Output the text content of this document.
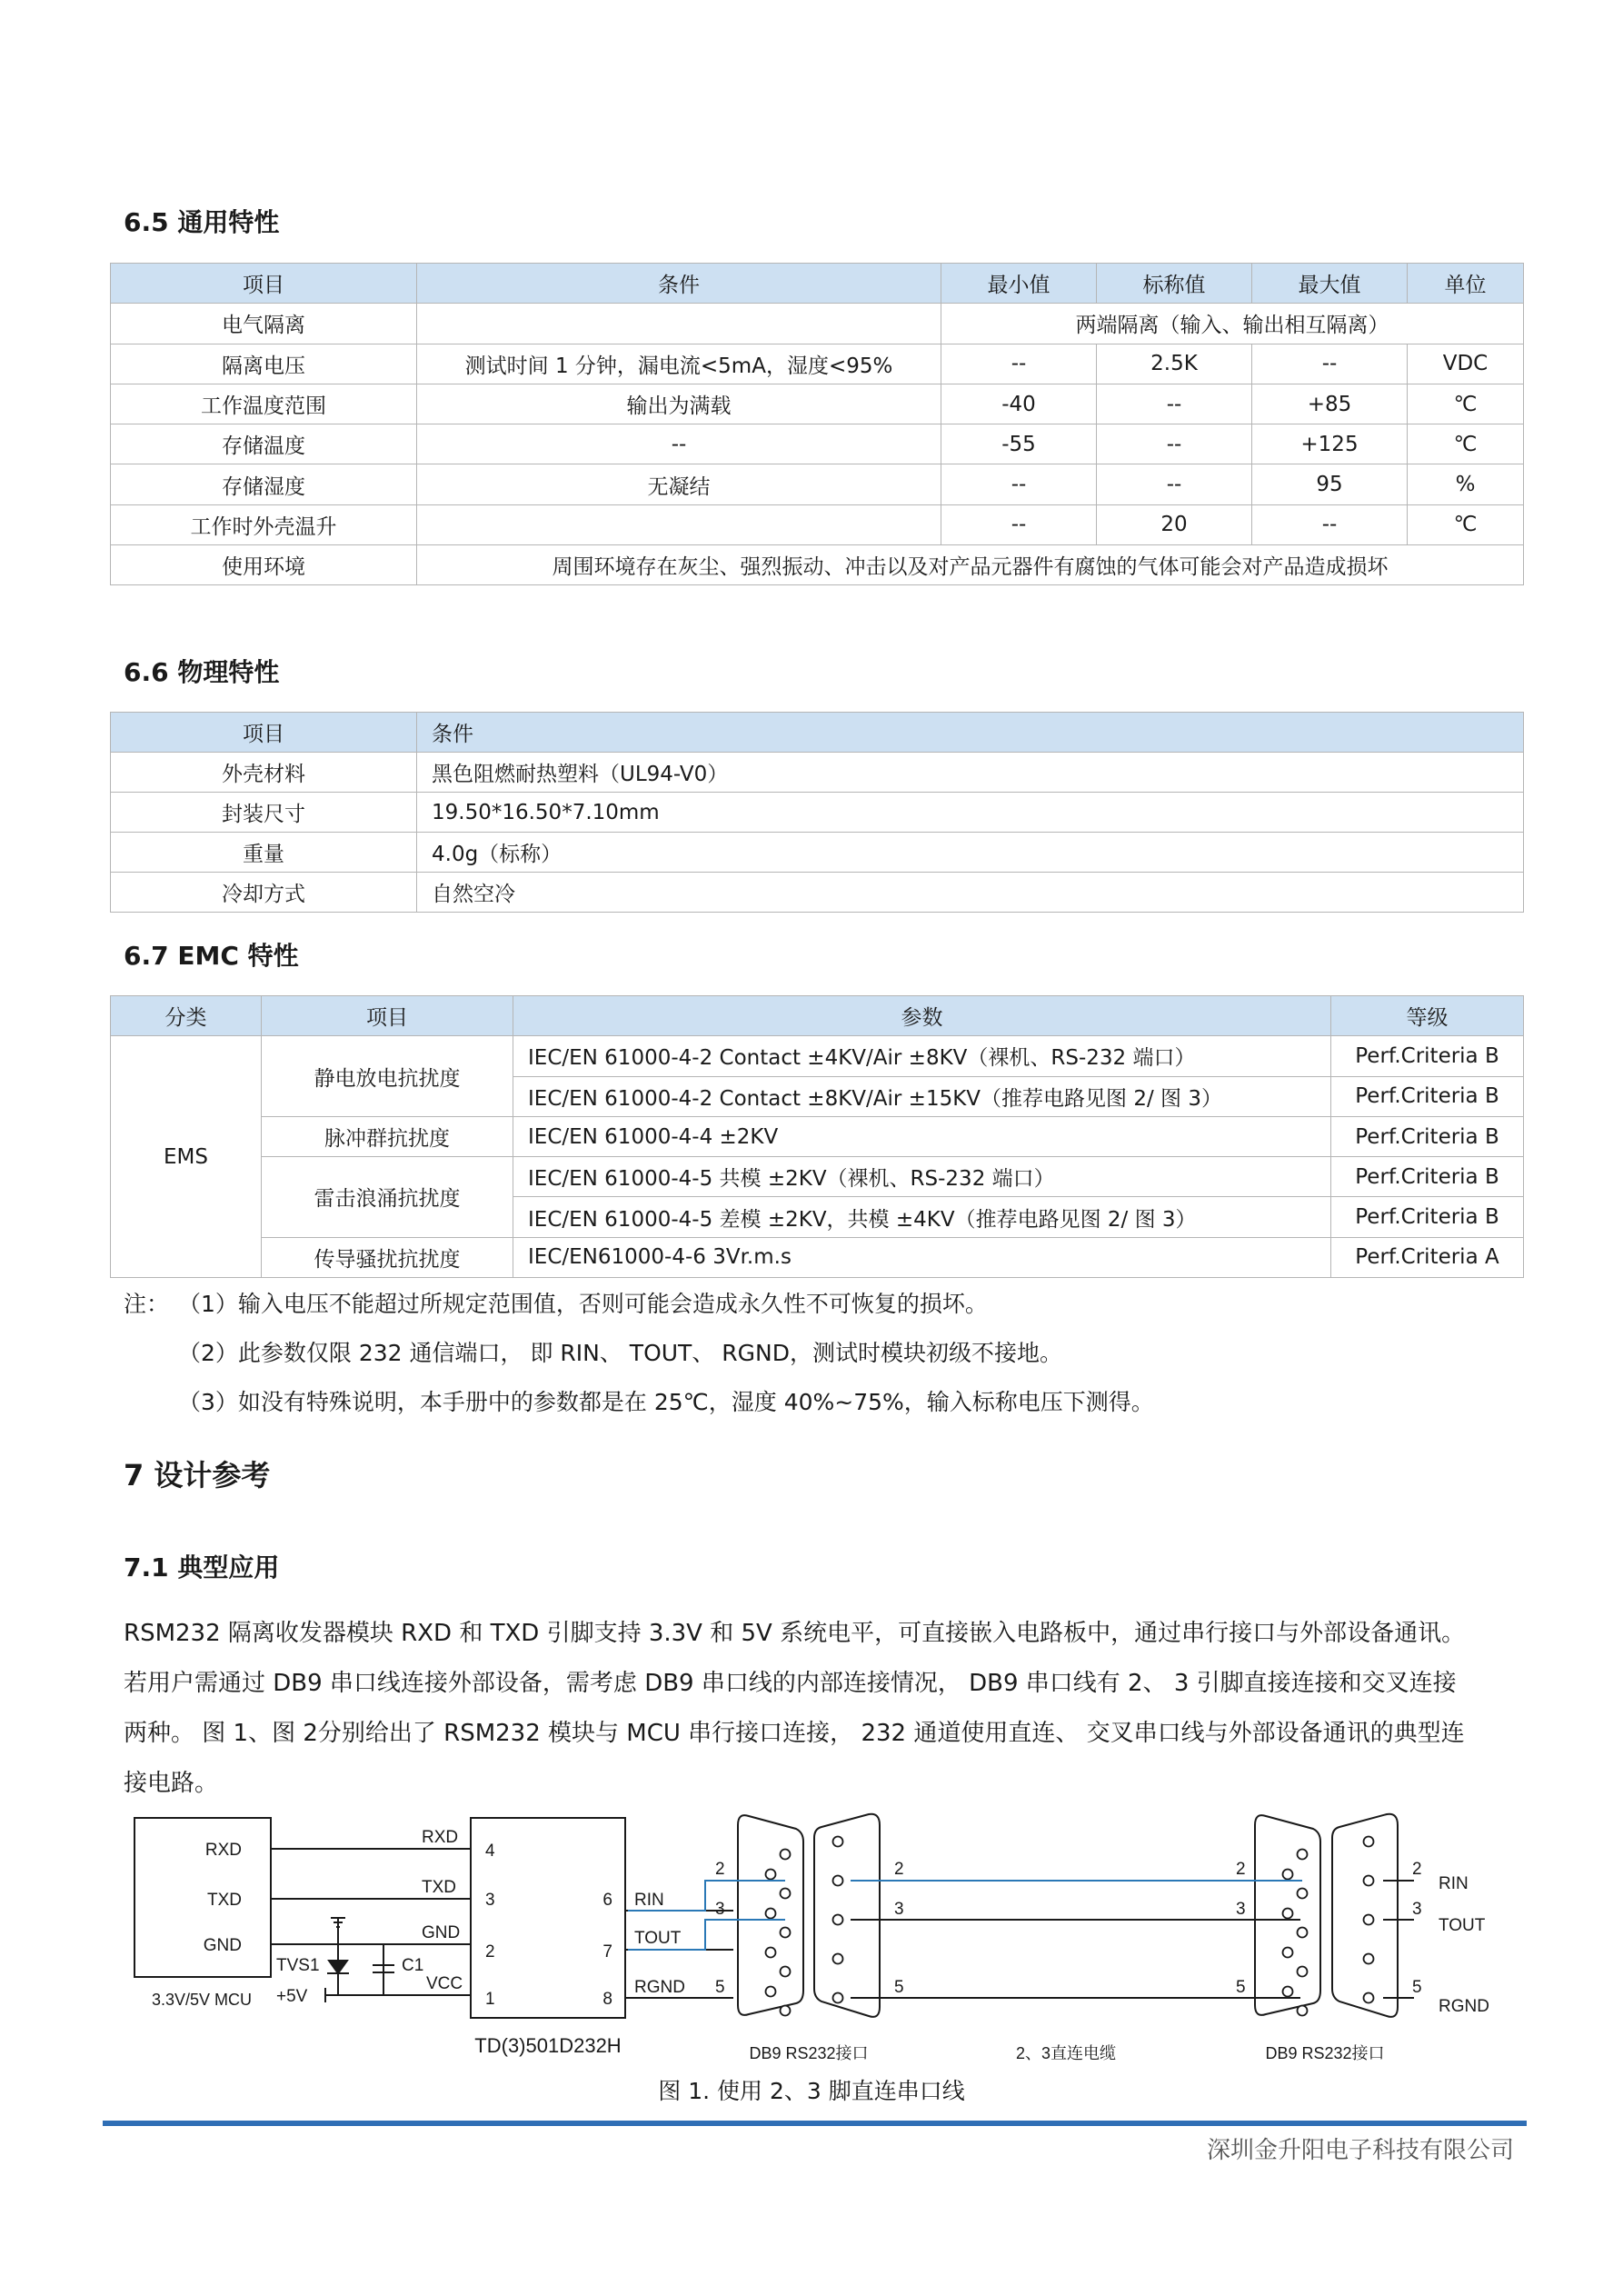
6.5 通用特性
项目	条件	最小值	标称值	最大值	单位
电气隔离		两端隔离（输入、输出相互隔离）			
隔离电压	测试时间 1 分钟，漏电流<5mA，湿度<95%	--	2.5K	--	VDC
工作温度范围	输出为满载	-40	--	+85	℃
存储温度	--	-55	--	+125	℃
存储湿度	无凝结	--	--	95	%
工作时外壳温升		--	20	--	℃
使用环境	周围环境存在灰尘、强烈振动、冲击以及对产品元器件有腐蚀的气体可能会对产品造成损坏				
6.6 物理特性
项目	条件
外壳材料	黑色阻燃耐热塑料（UL94-V0）
封装尺寸	19.50*16.50*7.10mm
重量	4.0g（标称）
冷却方式	自然空冷
6.7 EMC 特性
分类	项目	参数	等级
EMS	静电放电抗扰度	IEC/EN 61000-4-2 Contact ±4KV/Air ±8KV（裸机、RS-232 端口）	Perf.Criteria B
		IEC/EN 61000-4-2 Contact ±8KV/Air ±15KV（推荐电路见图 2/ 图 3）	Perf.Criteria B
	脉冲群抗扰度	IEC/EN 61000-4-4 ±2KV	Perf.Criteria B
	雷击浪涌抗扰度	IEC/EN 61000-4-5 共模 ±2KV（裸机、RS-232 端口）	Perf.Criteria B
		IEC/EN 61000-4-5 差模 ±2KV，共模 ±4KV（推荐电路见图 2/ 图 3）	Perf.Criteria B
	传导骚扰抗扰度	IEC/EN61000-4-6 3Vr.m.s	Perf.Criteria A
注： （1）输入电压不能超过所规定范围值，否则可能会造成永久性不可恢复的损坏。
（2）此参数仅限 232 通信端口， 即 RIN、 TOUT、 RGND，测试时模块初级不接地。
（3）如没有特殊说明，本手册中的参数都是在 25℃，湿度 40%~75%，输入标称电压下测得。
7 设计参考
7.1 典型应用
RSM232 隔离收发器模块 RXD 和 TXD 引脚支持 3.3V 和 5V 系统电平，可直接嵌入电路板中，通过串行接口与外部设备通讯。
若用户需通过 DB9 串口线连接外部设备，需考虑 DB9 串口线的内部连接情况， DB9 串口线有 2、 3 引脚直接连接和交叉连接
两种。 图 1、图 2分别给出了 RSM232 模块与 MCU 串行接口连接， 232 通道使用直连、 交叉串口线与外部设备通讯的典型连
接电路。
3.3V/5V MCU
RXD
TXD
GND
RXD
TXD
GND
VCC
TVS1	C1
+5V
4
3
2
1
6
7
8
TD(3)501D232H
RIN
TOUT
RGND
2
3
5
2
3
5
2
3
5
2
3
5
RIN
TOUT
RGND
DB9 RS232接口	2、3直连电缆	DB9 RS232接口
图 1. 使用 2、3 脚直连串口线
深圳金升阳电子科技有限公司
